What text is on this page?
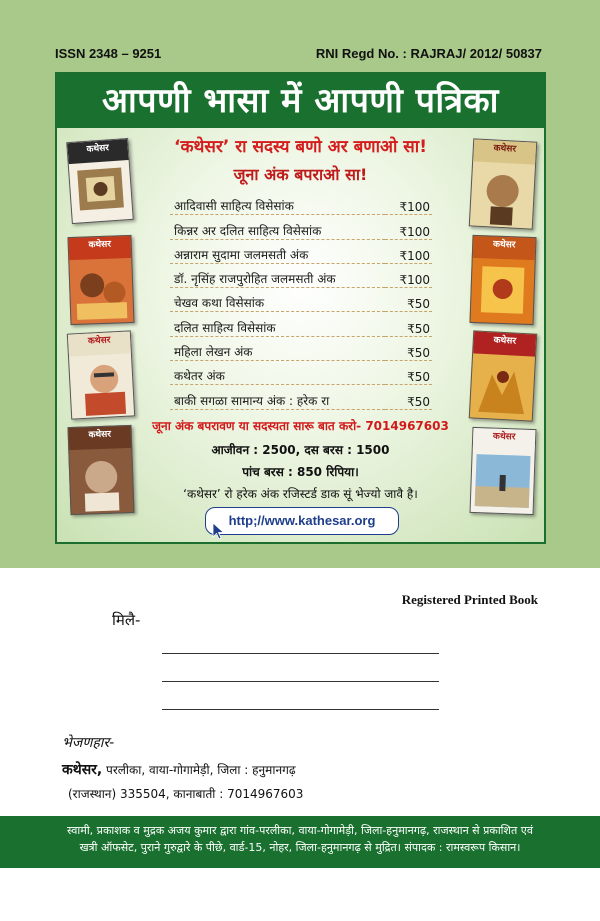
ISSN 2348 – 9251	RNI Regd No. : RAJRAJ/ 2012/ 50837
आपणी भासा में आपणी पत्रिका
‘कथेसर’ रा सदस्य बणो अर बणाओ सा!
जूना अंक बपराओ सा!
आदिवासी साहित्य विसेसांक	₹100
किन्नर अर दलित साहित्य विसेसांक	₹100
अन्नाराम सुदामा जलमसती अंक	₹100
डॉ. नृसिंह राजपुरोहित जलमसती अंक	₹100
चेखव कथा विसेसांक	₹50
दलित साहित्य विसेसांक	₹50
महिला लेखन अंक	₹50
कथेतर अंक	₹50
बाकी सगळा सामान्य अंक : हरेक रा	₹50
जूना अंक बपरावण या सदस्यता सारू बात करो- 7014967603
आजीवन : 2500, दस बरस : 1500
पांच बरस : 850 रिपिया।
‘कथेसर’ रो हरेक अंक रजिस्टर्ड डाक सूं भेज्यो जावै है।
http;//www.kathesar.org
कथेसर
कथेसर
कथेसर
कथेसर
कथेसर
कथेसर
कथेसर
कथेसर
Registered Printed Book
मिलै-
भेजणहार-
कथेसर, परलीका, वाया-गोगामेड़ी, जिला : हनुमानगढ़
(राजस्थान) 335504, कानाबाती : 7014967603
स्वामी, प्रकाशक व मुद्रक अजय कुमार द्वारा गांव-परलीका, वाया-गोगामेड़ी, जिला-हनुमानगढ़, राजस्थान से प्रकाशित एवं
खत्री ऑफसेट, पुराने गुरुद्वारे के पीछे, वार्ड-15, नोहर, जिला-हनुमानगढ़ से मुद्रित। संपादक : रामस्वरूप किसान।
